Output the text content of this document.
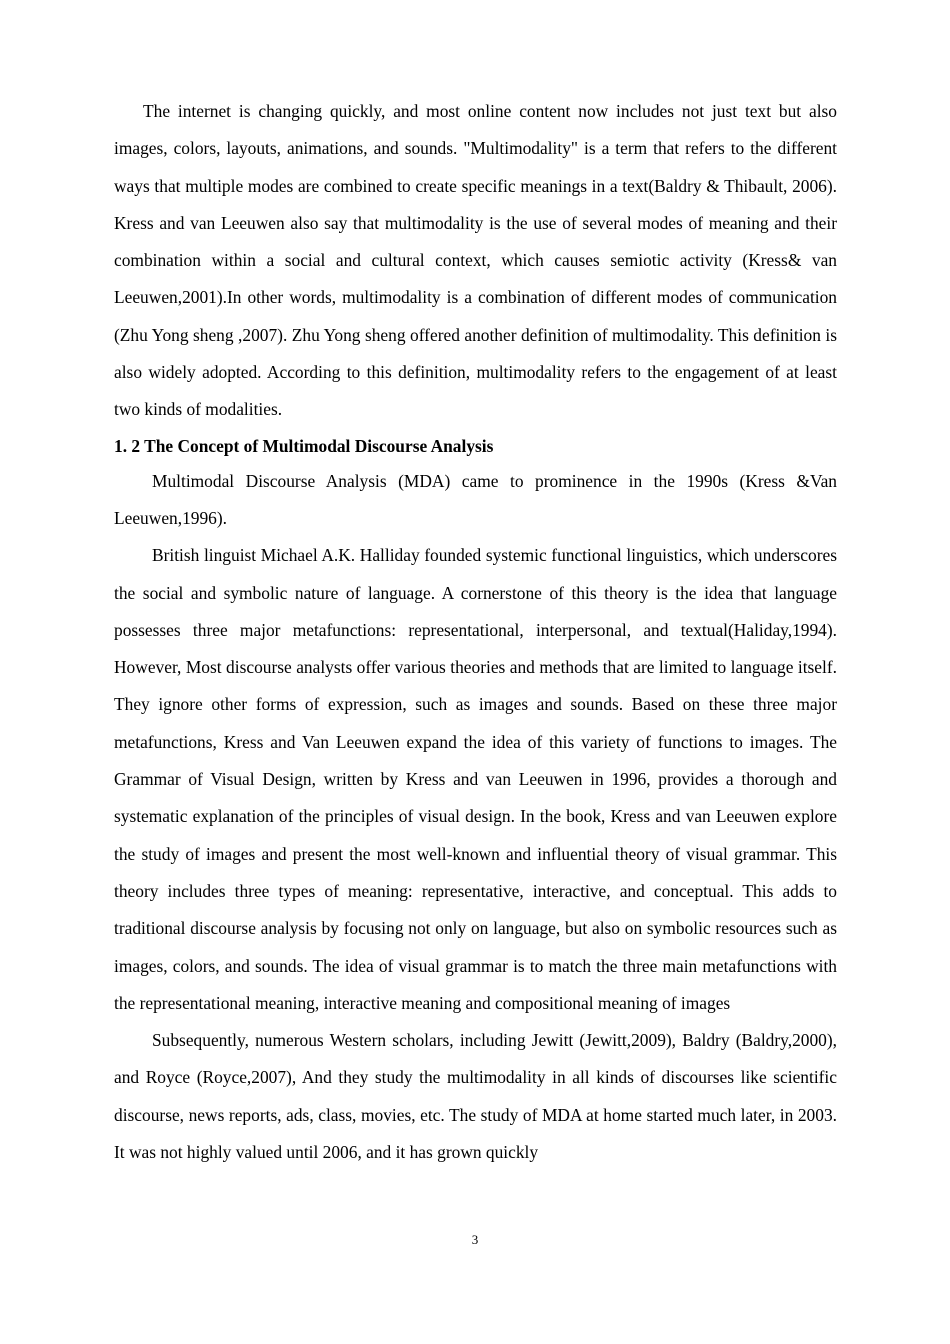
The internet is changing quickly, and most online content now includes not just text but also images, colors, layouts, animations, and sounds. "Multimodality" is a term that refers to the different ways that multiple modes are combined to create specific meanings in a text(Baldry & Thibault, 2006). Kress and van Leeuwen also say that multimodality is the use of several modes of meaning and their combination within a social and cultural context, which causes semiotic activity (Kress& van Leeuwen,2001).In other words, multimodality is a combination of different modes of communication (Zhu Yong sheng ,2007). Zhu Yong sheng offered another definition of multimodality. This definition is also widely adopted. According to this definition, multimodality refers to the engagement of at least two kinds of modalities.

1. 2 The Concept of Multimodal Discourse Analysis

Multimodal Discourse Analysis (MDA) came to prominence in the 1990s (Kress &Van Leeuwen,1996).

British linguist Michael A.K. Halliday founded systemic functional linguistics, which underscores the social and symbolic nature of language. A cornerstone of this theory is the idea that language possesses three major metafunctions: representational, interpersonal, and textual(Haliday,1994). However, Most discourse analysts offer various theories and methods that are limited to language itself. They ignore other forms of expression, such as images and sounds. Based on these three major metafunctions, Kress and Van Leeuwen expand the idea of this variety of functions to images. The Grammar of Visual Design, written by Kress and van Leeuwen in 1996, provides a thorough and systematic explanation of the principles of visual design. In the book, Kress and van Leeuwen explore the study of images and present the most well-known and influential theory of visual grammar. This theory includes three types of meaning: representative, interactive, and conceptual. This adds to traditional discourse analysis by focusing not only on language, but also on symbolic resources such as images, colors, and sounds. The idea of visual grammar is to match the three main metafunctions with the representational meaning, interactive meaning and compositional meaning of images

Subsequently, numerous Western scholars, including Jewitt (Jewitt,2009), Baldry (Baldry,2000), and Royce (Royce,2007), And they study the multimodality in all kinds of discourses like scientific discourse, news reports, ads, class, movies, etc. The study of MDA at home started much later, in 2003. It was not highly valued until 2006, and it has grown quickly

3
